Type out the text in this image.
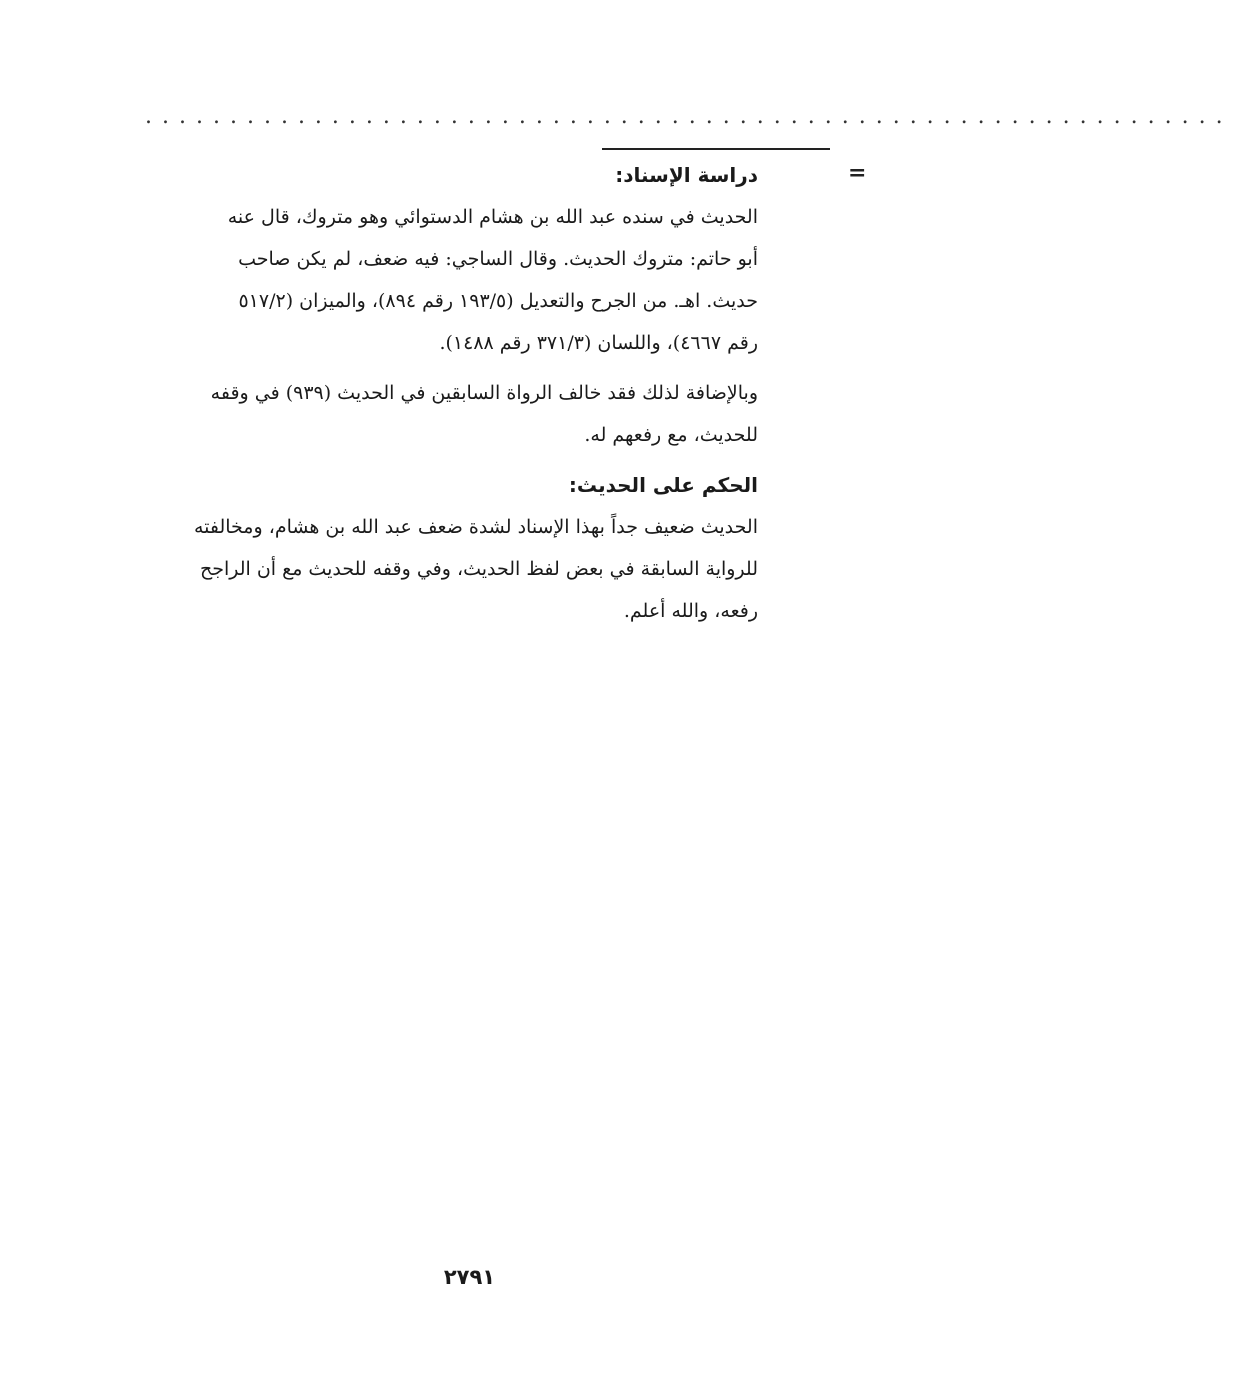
................................................................
=
دراسة الإسناد:

الحديث في سنده عبد الله بن هشام الدستوائي وهو متروك، قال عنه

أبو حاتم: متروك الحديث. وقال الساجي: فيه ضعف، لم يكن صاحب

حديث. اهـ. من الجرح والتعديل (١٩٣/٥ رقم ٨٩٤)، والميزان (٥١٧/٢

رقم ٤٦٦٧)، واللسان (٣٧١/٣ رقم ١٤٨٨).

وبالإضافة لذلك فقد خالف الرواة السابقين في الحديث (٩٣٩) في وقفه

للحديث، مع رفعهم له.

الحكم على الحديث:

الحديث ضعيف جداً بهذا الإسناد لشدة ضعف عبد الله بن هشام، ومخالفته

للرواية السابقة في بعض لفظ الحديث، وفي وقفه للحديث مع أن الراجح

رفعه، والله أعلم.

٢٧٩١
